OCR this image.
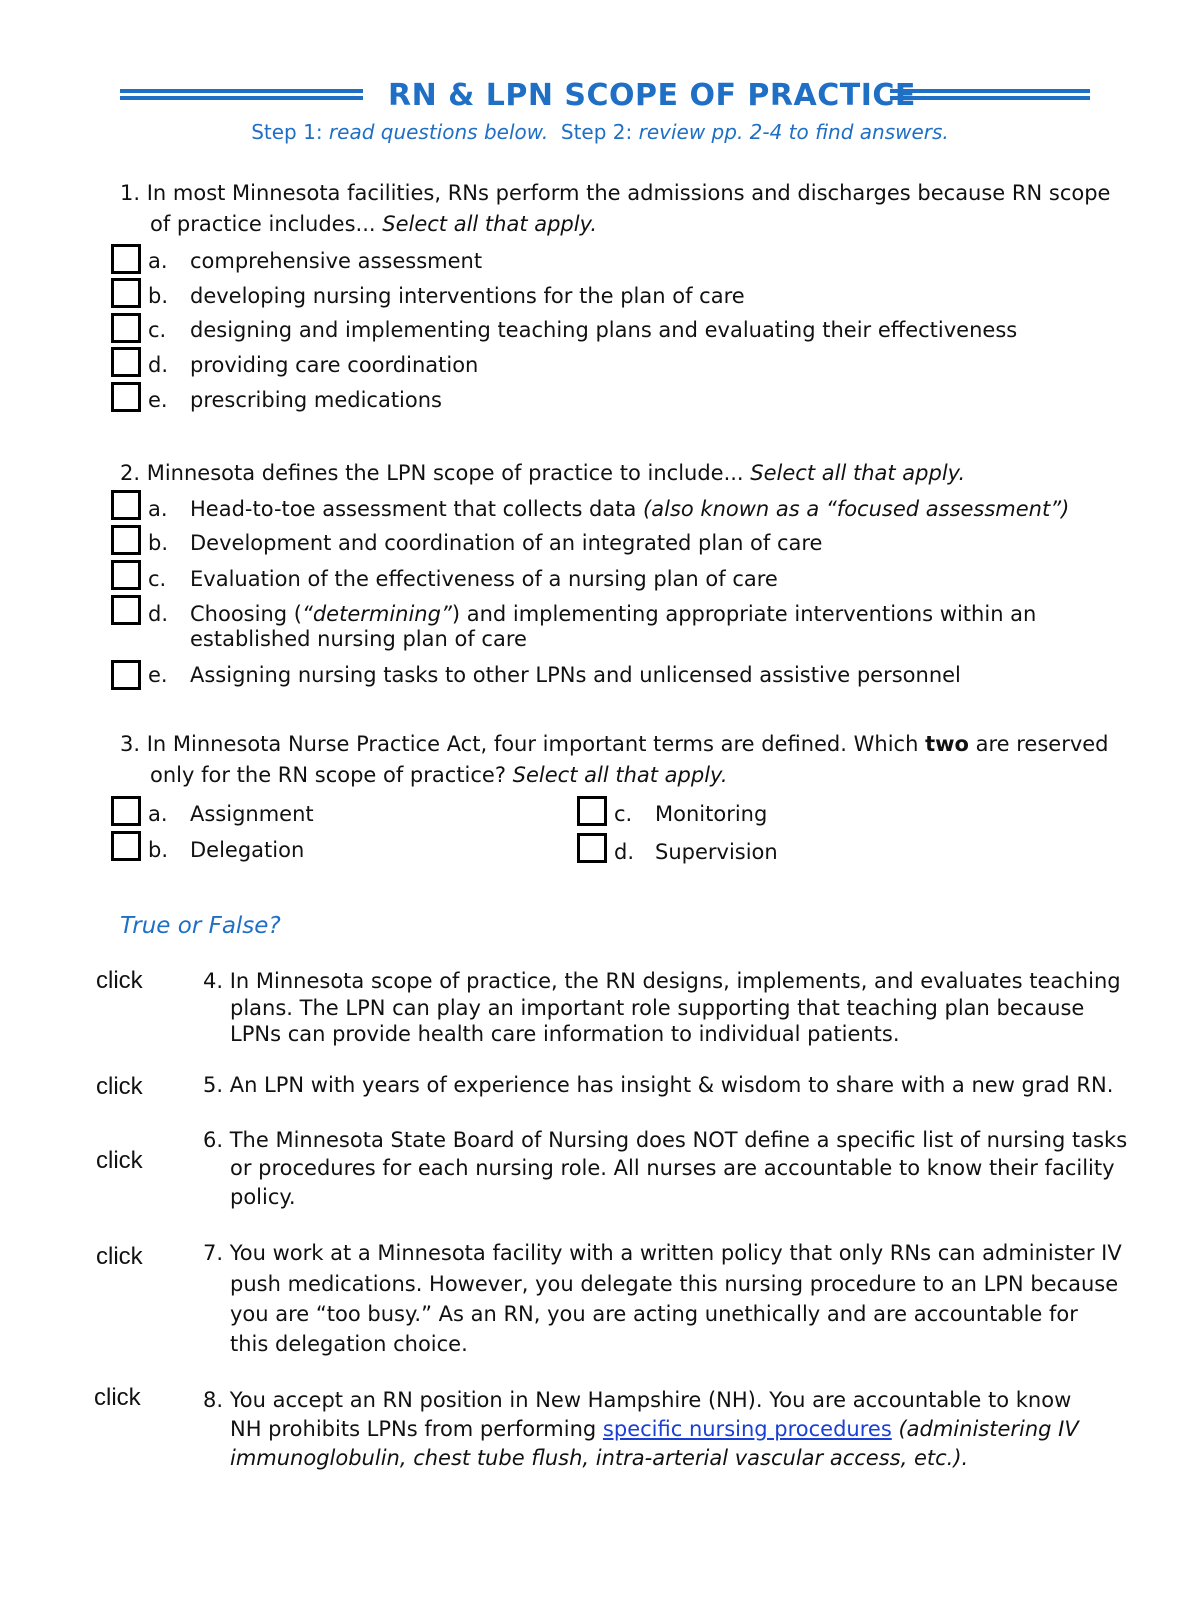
RN & LPN SCOPE OF PRACTICE
Step 1: read questions below. Step 2: review pp. 2-4 to find answers.
1. In most Minnesota facilities, RNs perform the admissions and discharges because RN scope
of practice includes... Select all that apply.
a. comprehensive assessment
b. developing nursing interventions for the plan of care
c. designing and implementing teaching plans and evaluating their effectiveness
d. providing care coordination
e. prescribing medications
2. Minnesota defines the LPN scope of practice to include... Select all that apply.
a. Head-to-toe assessment that collects data (also known as a “focused assessment”)
b. Development and coordination of an integrated plan of care
c. Evaluation of the effectiveness of a nursing plan of care
d. Choosing (“determining”) and implementing appropriate interventions within an
established nursing plan of care
e. Assigning nursing tasks to other LPNs and unlicensed assistive personnel
3. In Minnesota Nurse Practice Act, four important terms are defined. Which two are reserved
only for the RN scope of practice? Select all that apply.
a. Assignment
b. Delegation
c. Monitoring
d. Supervision
True or False?
click	4. In Minnesota scope of practice, the RN designs, implements, and evaluates teaching
plans. The LPN can play an important role supporting that teaching plan because
LPNs can provide health care information to individual patients.
click	5. An LPN with years of experience has insight & wisdom to share with a new grad RN.
click
6. The Minnesota State Board of Nursing does NOT define a specific list of nursing tasks
or procedures for each nursing role. All nurses are accountable to know their facility
policy.
click	7. You work at a Minnesota facility with a written policy that only RNs can administer IV
push medications. However, you delegate this nursing procedure to an LPN because
you are “too busy.” As an RN, you are acting unethically and are accountable for
this delegation choice.
click	8. You accept an RN position in New Hampshire (NH). You are accountable to know
NH prohibits LPNs from performing specific nursing procedures (administering IV
immunoglobulin, chest tube flush, intra-arterial vascular access, etc.).
